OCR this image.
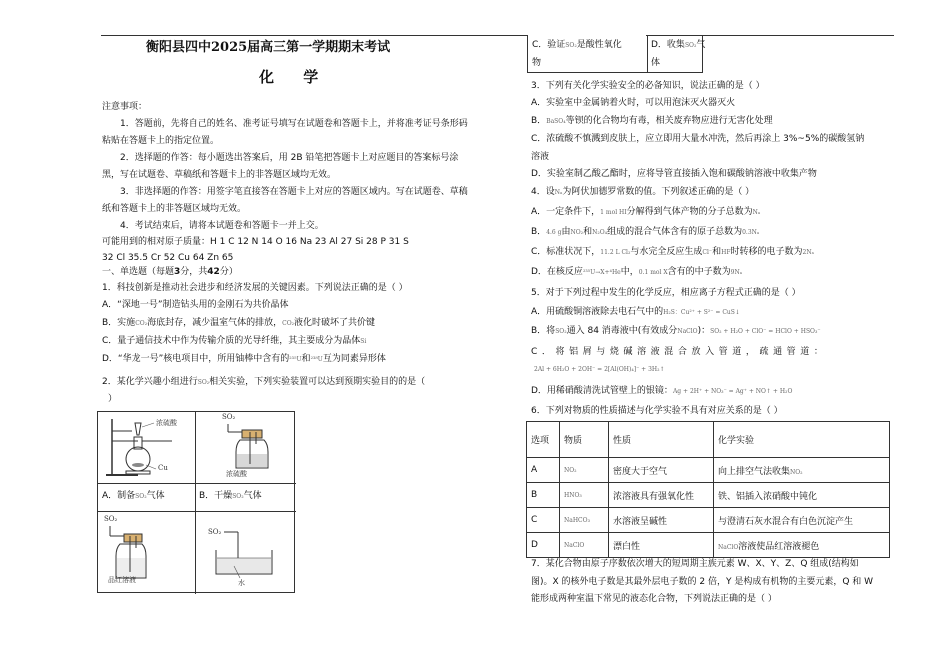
衡阳县四中2025届高三第一学期期末考试
化 学
注意事项：
1．答题前，先将自己的姓名、准考证号填写在试题卷和答题卡上，并将准考证号条形码粘贴在答题卡上的指定位置。
2．选择题的作答：每小题选出答案后，用 2B 铅笔把答题卡上对应题目的答案标号涂黑，写在试题卷、草稿纸和答题卡上的非答题区域均无效。
3．非选择题的作答：用签字笔直接答在答题卡上对应的答题区域内。写在试题卷、草稿纸和答题卡上的非答题区域均无效。
4．考试结束后，请将本试题卷和答题卡一并上交。
可能用到的相对原子质量：H 1 C 12 N 14 O 16 Na 23 Al 27 Si 28 P 31 S
32 Cl 35.5 Cr 52 Cu 64 Zn 65
一、单选题（每题3分，共42分）
1．科技创新是推动社会进步和经济发展的关键因素。下列说法正确的是（ ）
A．“深地一号”制造钻头用的金刚石为共价晶体
B．实施CO₂海底封存，减少温室气体的排放，CO₂液化时破坏了共价键
C．量子通信技术中作为传输介质的光导纤维，其主要成分为晶体Si
D．“华龙一号”核电项目中，所用铀棒中含有的²³⁵U和²³⁸U互为同素异形体
2．某化学兴趣小组进行SO₂相关实验，下列实验装置可以达到预期实验目的的是（
）
浓硫酸
Cu
SO₂
浓硫酸
A．制备SO₂气体	B．干燥SO₂气体
SO₂
品红溶液
SO₂
水
C．验证SO₂是酸性氧化
物
D．收集SO₂气
体
3．下列有关化学实验安全的必备知识，说法正确的是（ ）
A．实验室中金属钠着火时，可以用泡沫灭火器灭火
B．BaSO₄等钡的化合物均有毒，相关废弃物应进行无害化处理
C．浓硫酸不慎溅到皮肤上，应立即用大量水冲洗，然后再涂上 3%~5%的碳酸氢钠
溶液
D．实验室制乙酸乙酯时，应将导管直接插入饱和碳酸钠溶液中收集产物
4．设Nₐ为阿伏加德罗常数的值。下列叙述正确的是（ ）
A．一定条件下，1 mol HI分解得到气体产物的分子总数为Nₐ
B．4.6 g由NO₂和N₂O₄组成的混合气体含有的原子总数为0.3Nₐ
C．标准状况下，11.2 L Cl₂与水完全反应生成Cl⁻和HF时转移的电子数为2Nₐ
D．在核反应²³⁵U→X+⁴He中，0.1 mol X含有的中子数为9Nₐ
5．对于下列过程中发生的化学反应，相应离子方程式正确的是（ ）
A．用硫酸铜溶液除去电石气中的H₂S：Cu²⁺ + S²⁻ = CuS↓
B．将SO₂通入 84 消毒液中(有效成分NaClO)：SO₂ + H₂O + ClO⁻ = HClO + HSO₃⁻
C．将铝屑与烧碱溶液混合放入管道，疏通管道：
2Al + 6H₂O + 2OH⁻ = 2[Al(OH)₄]⁻ + 3H₂↑
D．用稀硝酸清洗试管壁上的银镜：Ag + 2H⁺ + NO₃⁻ = Ag⁺ + NO↑ + H₂O
6．下列对物质的性质描述与化学实验不具有对应关系的是（ ）
选项	物质	性质	化学实验
A	NO₂	密度大于空气	向上排空气法收集NO₂
B	HNO₃	浓溶液具有强氧化性	铁、铝插入浓硝酸中钝化
C	NaHCO₃	水溶液呈碱性	与澄清石灰水混合有白色沉淀产生
D	NaClO	漂白性	NaClO溶液使品红溶液褪色
7．某化合物由原子序数依次增大的短周期主族元素 W、X、Y、Z、Q 组成(结构如
图)。X 的核外电子数是其最外层电子数的 2 倍，Y 是构成有机物的主要元素，Q 和 W
能形成两种室温下常见的液态化合物，下列说法正确的是（ ）
